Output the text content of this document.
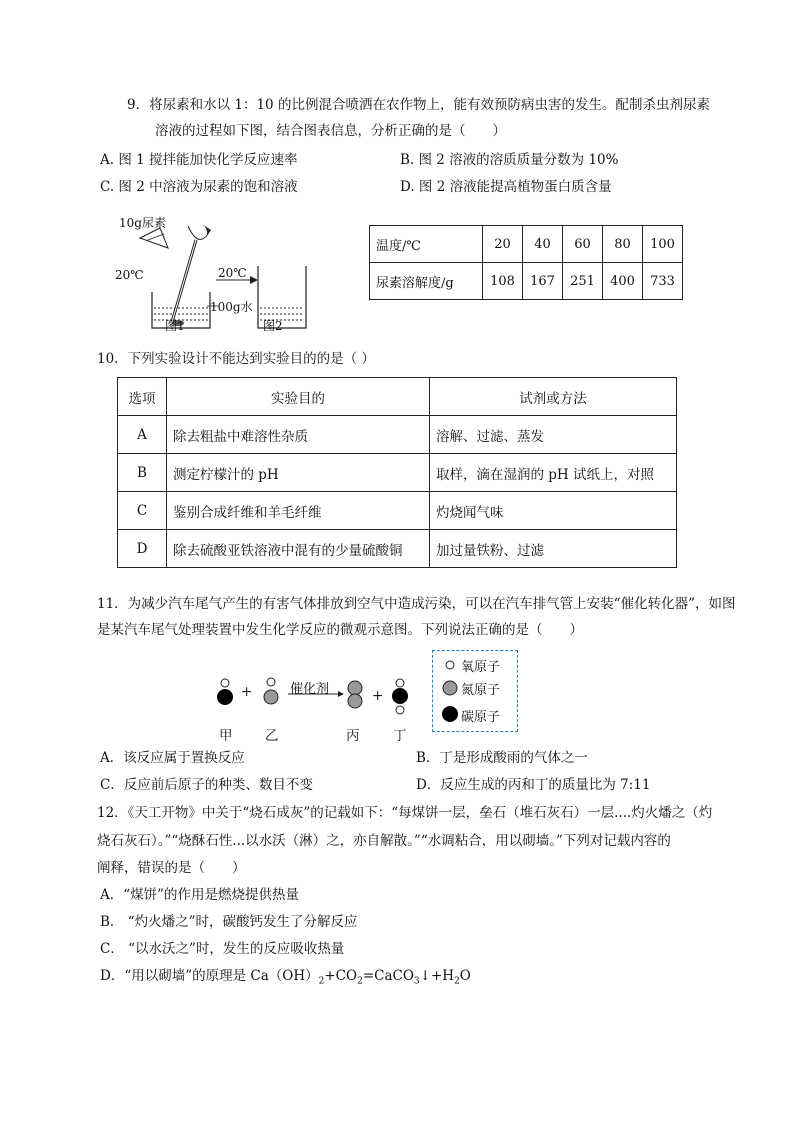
9．将尿素和水以 1：10 的比例混合喷洒在农作物上，能有效预防病虫害的发生。配制杀虫剂尿素
溶液的过程如下图，结合图表信息，分析正确的是（　　）
A. 图 1 搅拌能加快化学反应速率	B. 图 2 溶液的溶质质量分数为 10%
C. 图 2 中溶液为尿素的饱和溶液	D. 图 2 溶液能提高植物蛋白质含量
10g尿素
20℃	20℃
100g水
图1	图2
温度/℃	20	40	60	80	100
尿素溶解度/g	108	167	251	400	733
10．下列实验设计不能达到实验目的的是（ ）
选项	实验目的	试剂或方法
A	除去粗盐中难溶性杂质	溶解、过滤、蒸发
B	测定柠檬汁的 pH	取样，滴在湿润的 pH 试纸上，对照
C	鉴别合成纤维和羊毛纤维	灼烧闻气味
D	除去硫酸亚铁溶液中混有的少量硫酸铜	加过量铁粉、过滤
11．为减少汽车尾气产生的有害气体排放到空气中造成污染，可以在汽车排气管上安装“催化转化器”，如图
是某汽车尾气处理装置中发生化学反应的微观示意图。下列说法正确的是（　　）
+	+
催化剂
甲 乙	丙 丁
氧原子
氮原子
碳原子
A．该反应属于置换反应	B．丁是形成酸雨的气体之一
C．反应前后原子的种类、数目不变	D．反应生成的丙和丁的质量比为 7:11
12．《天工开物》中关于“烧石成灰”的记载如下：“每煤饼一层，垒石（堆石灰石）一层....灼火燔之（灼
烧石灰石）。”“烧酥石性...以水沃（淋）之，亦自解散。”“水调粘合，用以砌墙。”下列对记载内容的
阐释，错误的是（　　）
A．“煤饼”的作用是燃烧提供热量
B． “灼火燔之”时，碳酸钙发生了分解反应
C． “以水沃之”时，发生的反应吸收热量
D．“用以砌墙”的原理是 $Ca(OH)_2+CO_2=CaCO_3↓+H_2O$
